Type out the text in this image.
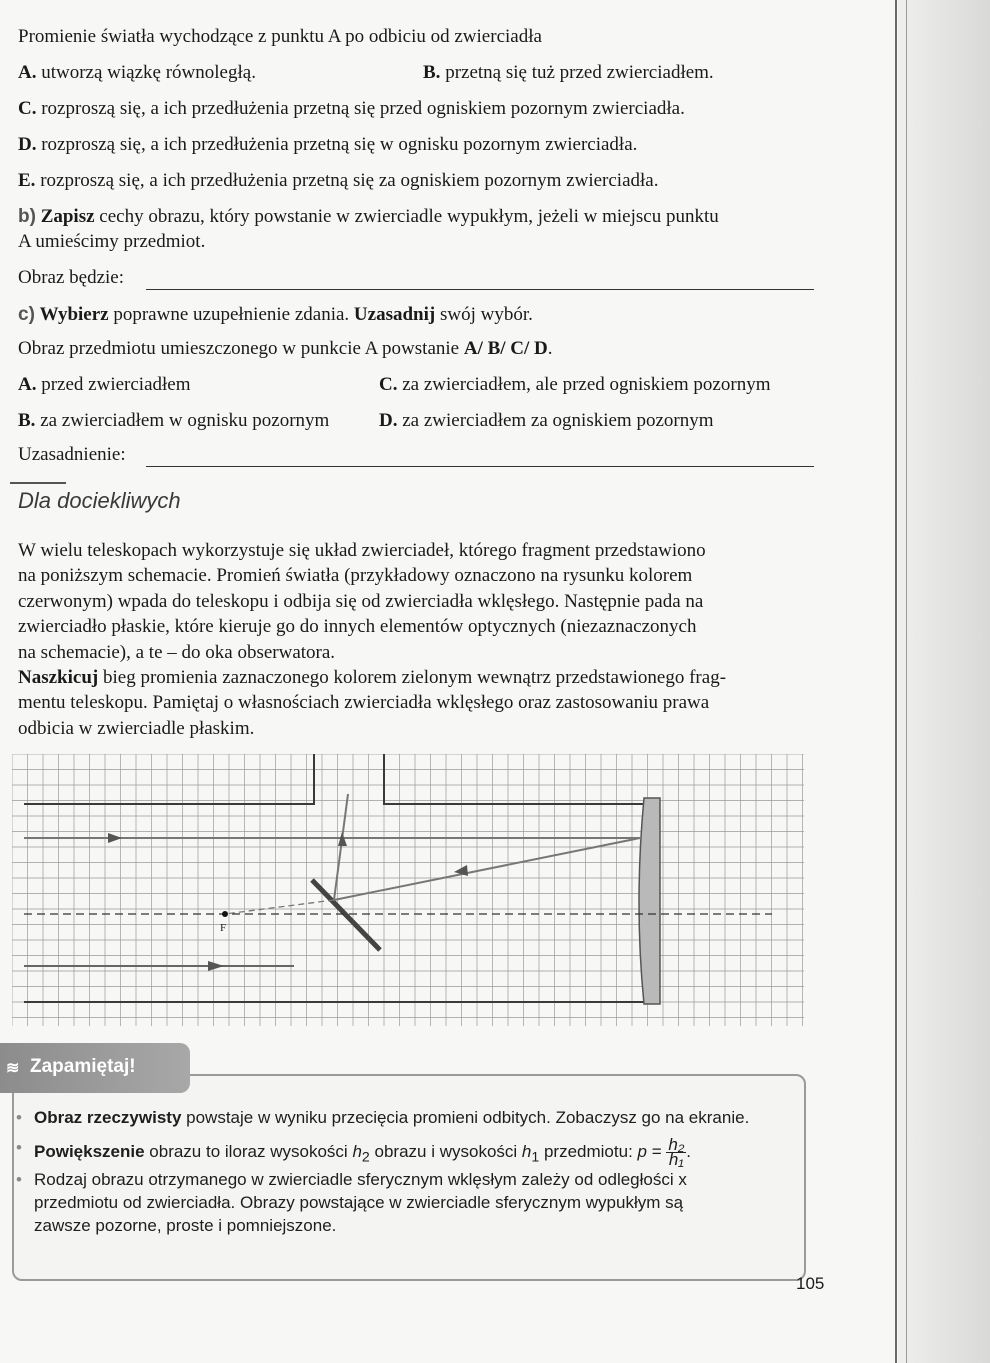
Promienie światła wychodzące z punktu A po odbiciu od zwierciadła
A. utworzą wiązkę równoległą.	B. przetną się tuż przed zwierciadłem.
C. rozproszą się, a ich przedłużenia przetną się przed ogniskiem pozornym zwierciadła.
D. rozproszą się, a ich przedłużenia przetną się w ognisku pozornym zwierciadła.
E. rozproszą się, a ich przedłużenia przetną się za ogniskiem pozornym zwierciadła.
b) Zapisz cechy obrazu, który powstanie w zwierciadle wypukłym, jeżeli w miejscu punktu
A umieścimy przedmiot.
Obraz będzie:
c) Wybierz poprawne uzupełnienie zdania. Uzasadnij swój wybór.
Obraz przedmiotu umieszczonego w punkcie A powstanie A/ B/ C/ D.
A. przed zwierciadłem	C. za zwierciadłem, ale przed ogniskiem pozornym
B. za zwierciadłem w ognisku pozornym	D. za zwierciadłem za ogniskiem pozornym
Uzasadnienie:
Dla dociekliwych
W wielu teleskopach wykorzystuje się układ zwierciadeł, którego fragment przedstawiono
na poniższym schemacie. Promień światła (przykładowy oznaczono na rysunku kolorem
czerwonym) wpada do teleskopu i odbija się od zwierciadła wklęsłego. Następnie pada na
zwierciadło płaskie, które kieruje go do innych elementów optycznych (niezaznaczonych
na schemacie), a te – do oka obserwatora.
Naszkicuj bieg promienia zaznaczonego kolorem zielonym wewnątrz przedstawionego frag-
mentu teleskopu. Pamiętaj o własnościach zwierciadła wklęsłego oraz zastosowaniu prawa
odbicia w zwierciadle płaskim.
F
≋ Zapamiętaj!
• Obraz rzeczywisty powstaje w wyniku przecięcia promieni odbitych. Zobaczysz go na ekranie.
• Powiększenie obrazu to iloraz wysokości $h_2$ obrazu i wysokości $h_1$ przedmiotu: $p = \frac{\text{h₂}}{\text{h₁}}$ .
• Rodzaj obrazu otrzymanego w zwierciadle sferycznym wklęsłym zależy od odległości x
przedmiotu od zwierciadła. Obrazy powstające w zwierciadle sferycznym wypukłym są
zawsze pozorne, proste i pomniejszone.
105
